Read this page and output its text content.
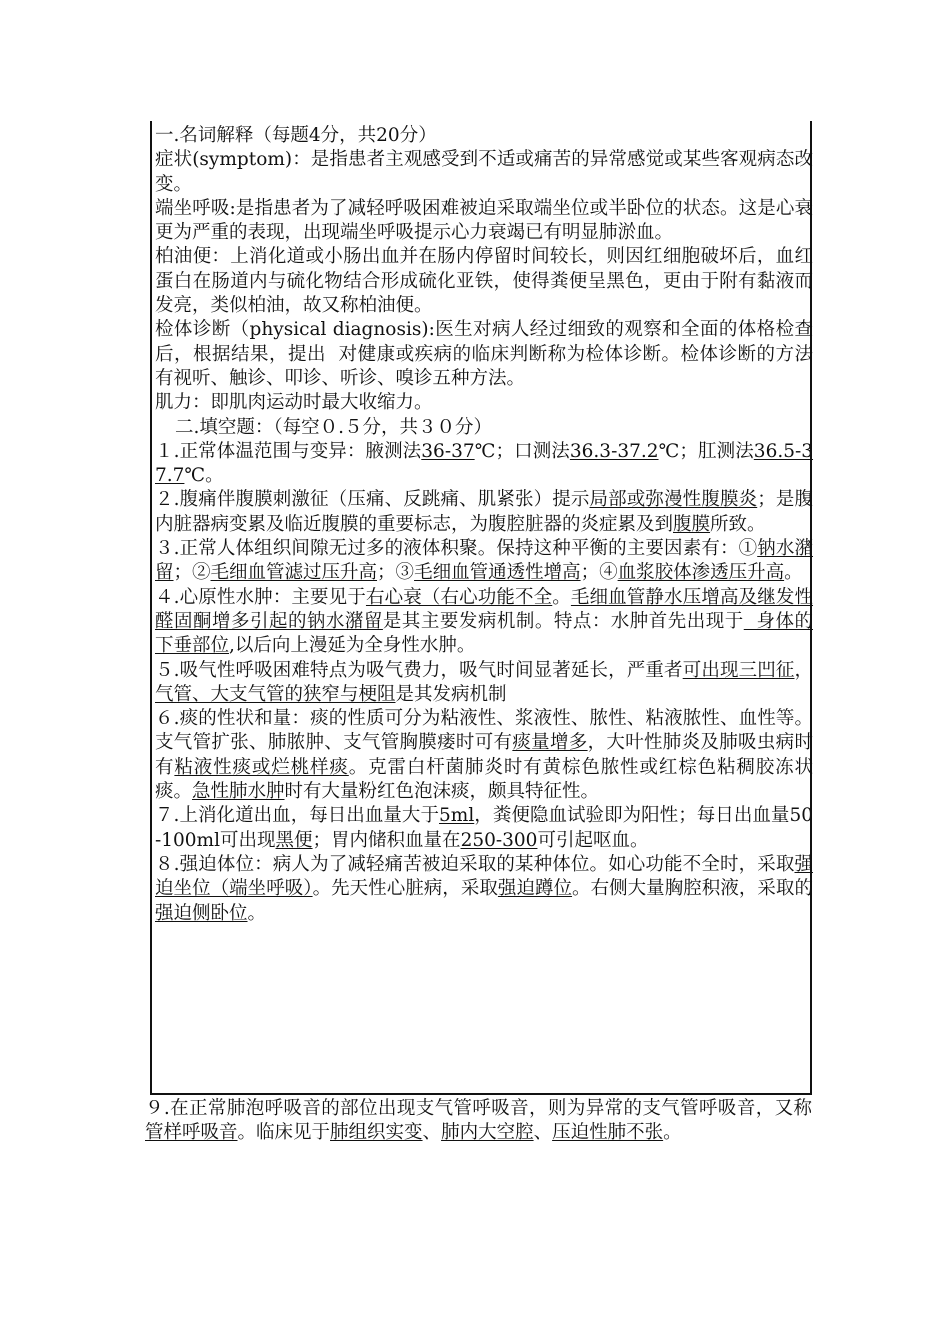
一.名词解释（每题4分，共20分）

症状(symptom)：是指患者主观感受到不适或痛苦的异常感觉或某些客观病态改变。

端坐呼吸:是指患者为了减轻呼吸困难被迫采取端坐位或半卧位的状态。这是心衰更为严重的表现，出现端坐呼吸提示心力衰竭已有明显肺淤血。

柏油便：上消化道或小肠出血并在肠内停留时间较长，则因红细胞破坏后，血红蛋白在肠道内与硫化物结合形成硫化亚铁，使得粪便呈黑色，更由于附有黏液而发亮，类似柏油，故又称柏油便。

检体诊断（physical diagnosis):医生对病人经过细致的观察和全面的体格检查后，根据结果，提出  对健康或疾病的临床判断称为检体诊断。检体诊断的方法有视听、触诊、叩诊、听诊、嗅诊五种方法。

肌力：即肌肉运动时最大收缩力。

二.填空题：（每空０.５分，共３０分）

１.正常体温范围与变异：腋测法36-37℃；口测法36.3-37.2℃；肛测法36.5-37.7℃。

２.腹痛伴腹膜刺激征（压痛、反跳痛、肌紧张）提示局部或弥漫性腹膜炎；是腹内脏器病变累及临近腹膜的重要标志，为腹腔脏器的炎症累及到腹膜所致。

３.正常人体组织间隙无过多的液体积聚。保持这种平衡的主要因素有：①钠水潴留；②毛细血管滤过压升高；③毛细血管通透性增高；④血浆胶体渗透压升高。

４.心原性水肿：主要见于右心衰（右心功能不全。毛细血管静水压增高及继发性醛固酮增多引起的钠水潴留是其主要发病机制。特点：水肿首先出现于  身体的下垂部位,以后向上漫延为全身性水肿。

５.吸气性呼吸困难特点为吸气费力，吸气时间显著延长，严重者可出现三凹征，气管、大支气管的狭窄与梗阻是其发病机制

６.痰的性状和量：痰的性质可分为粘液性、浆液性、脓性、粘液脓性、血性等。支气管扩张、肺脓肿、支气管胸膜瘘时可有痰量增多，大叶性肺炎及肺吸虫病时有粘液性痰或烂桃样痰。克雷白杆菌肺炎时有黄棕色脓性或红棕色粘稠胶冻状痰。急性肺水肿时有大量粉红色泡沫痰，颇具特征性。

７.上消化道出血，每日出血量大于5ml，粪便隐血试验即为阳性；每日出血量50-100ml可出现黑便；胃内储积血量在250-300可引起呕血。

８.强迫体位：病人为了减轻痛苦被迫采取的某种体位。如心功能不全时，采取强迫坐位（端坐呼吸）。先天性心脏病，采取强迫蹲位。右侧大量胸腔积液，采取的强迫侧卧位。

９.在正常肺泡呼吸音的部位出现支气管呼吸音，则为异常的支气管呼吸音，又称管样呼吸音。临床见于肺组织实变、肺内大空腔、压迫性肺不张。
